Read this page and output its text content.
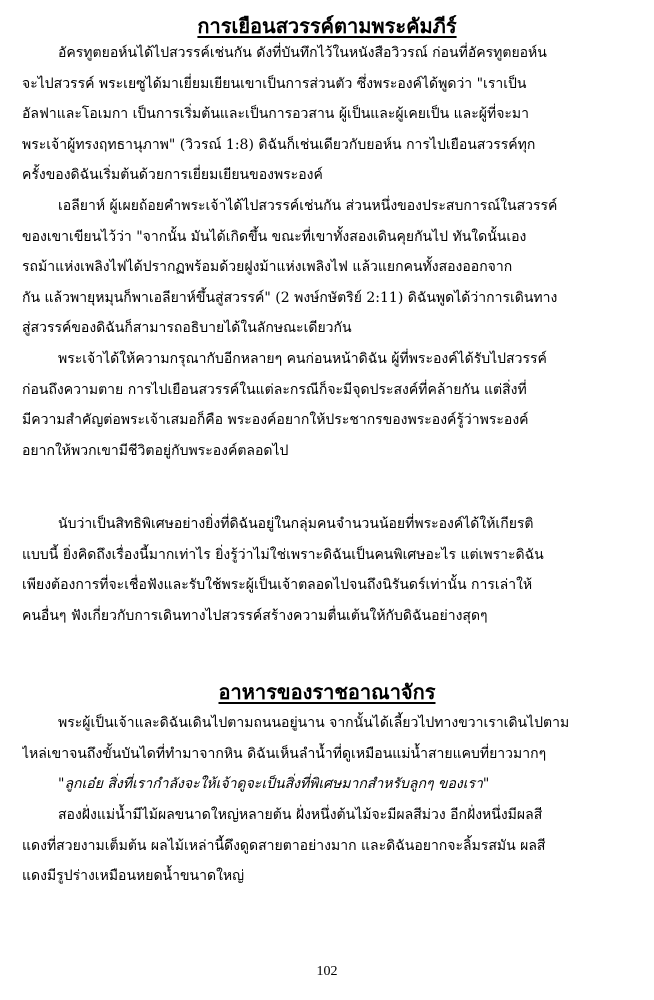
การเยือนสวรรค์ตามพระคัมภีร์
อัครทูตยอห์นได้ไปสวรรค์เช่นกัน ดังที่บันทึกไว้ในหนังสือวิวรณ์ ก่อนที่อัครทูตยอห์น
จะไปสวรรค์ พระเยซูได้มาเยี่ยมเยียนเขาเป็นการส่วนตัว ซึ่งพระองค์ได้พูดว่า "เราเป็น
อัลฟาและโอเมกา เป็นการเริ่มต้นและเป็นการอวสาน ผู้เป็นและผู้เคยเป็น และผู้ที่จะมา
พระเจ้าผู้ทรงฤทธานุภาพ" (วิวรณ์ 1:8) ดิฉันก็เช่นเดียวกับยอห์น การไปเยือนสวรรค์ทุก
ครั้งของดิฉันเริ่มต้นด้วยการเยี่ยมเยียนของพระองค์
เอลียาห์ ผู้เผยถ้อยคำพระเจ้าได้ไปสวรรค์เช่นกัน ส่วนหนึ่งของประสบการณ์ในสวรรค์
ของเขาเขียนไว้ว่า "จากนั้น มันได้เกิดขึ้น ขณะที่เขาทั้งสองเดินคุยกันไป ทันใดนั้นเอง
รถม้าแห่งเพลิงไฟได้ปรากฏพร้อมด้วยฝูงม้าแห่งเพลิงไฟ แล้วแยกคนทั้งสองออกจาก
กัน แล้วพายุหมุนก็พาเอลียาห์ขึ้นสู่สวรรค์" (2 พงษ์กษัตริย์ 2:11) ดิฉันพูดได้ว่าการเดินทาง
สู่สวรรค์ของดิฉันก็สามารถอธิบายได้ในลักษณะเดียวกัน
พระเจ้าได้ให้ความกรุณากับอีกหลายๆ คนก่อนหน้าดิฉัน ผู้ที่พระองค์ได้รับไปสวรรค์
ก่อนถึงความตาย การไปเยือนสวรรค์ในแต่ละกรณีก็จะมีจุดประสงค์ที่คล้ายกัน แต่สิ่งที่
มีความสำคัญต่อพระเจ้าเสมอก็คือ พระองค์อยากให้ประชากรของพระองค์รู้ว่าพระองค์
อยากให้พวกเขามีชีวิตอยู่กับพระองค์ตลอดไป
นับว่าเป็นสิทธิพิเศษอย่างยิ่งที่ดิฉันอยู่ในกลุ่มคนจำนวนน้อยที่พระองค์ได้ให้เกียรติ
แบบนี้ ยิ่งคิดถึงเรื่องนี้มากเท่าไร ยิ่งรู้ว่าไม่ใช่เพราะดิฉันเป็นคนพิเศษอะไร แต่เพราะดิฉัน
เพียงต้องการที่จะเชื่อฟังและรับใช้พระผู้เป็นเจ้าตลอดไปจนถึงนิรันดร์เท่านั้น การเล่าให้
คนอื่นๆ ฟังเกี่ยวกับการเดินทางไปสวรรค์สร้างความตื่นเต้นให้กับดิฉันอย่างสุดๆ
อาหารของราชอาณาจักร
พระผู้เป็นเจ้าและดิฉันเดินไปตามถนนอยู่นาน จากนั้นได้เลี้ยวไปทางขวาเราเดินไปตาม
ไหล่เขาจนถึงขั้นบันไดที่ทำมาจากหิน ดิฉันเห็นลำน้ำที่ดูเหมือนแม่น้ำสายแคบที่ยาวมากๆ
"ลูกเอ๋ย สิ่งที่เรากำลังจะให้เจ้าดูจะเป็นสิ่งที่พิเศษมากสำหรับลูกๆ ของเรา"
สองฝั่งแม่น้ำมีไม้ผลขนาดใหญ่หลายต้น ฝั่งหนึ่งต้นไม้จะมีผลสีม่วง อีกฝั่งหนึ่งมีผลสี
แดงที่สวยงามเต็มต้น ผลไม้เหล่านี้ดึงดูดสายตาอย่างมาก และดิฉันอยากจะลิ้มรสมัน ผลสี
แดงมีรูปร่างเหมือนหยดน้ำขนาดใหญ่
102
